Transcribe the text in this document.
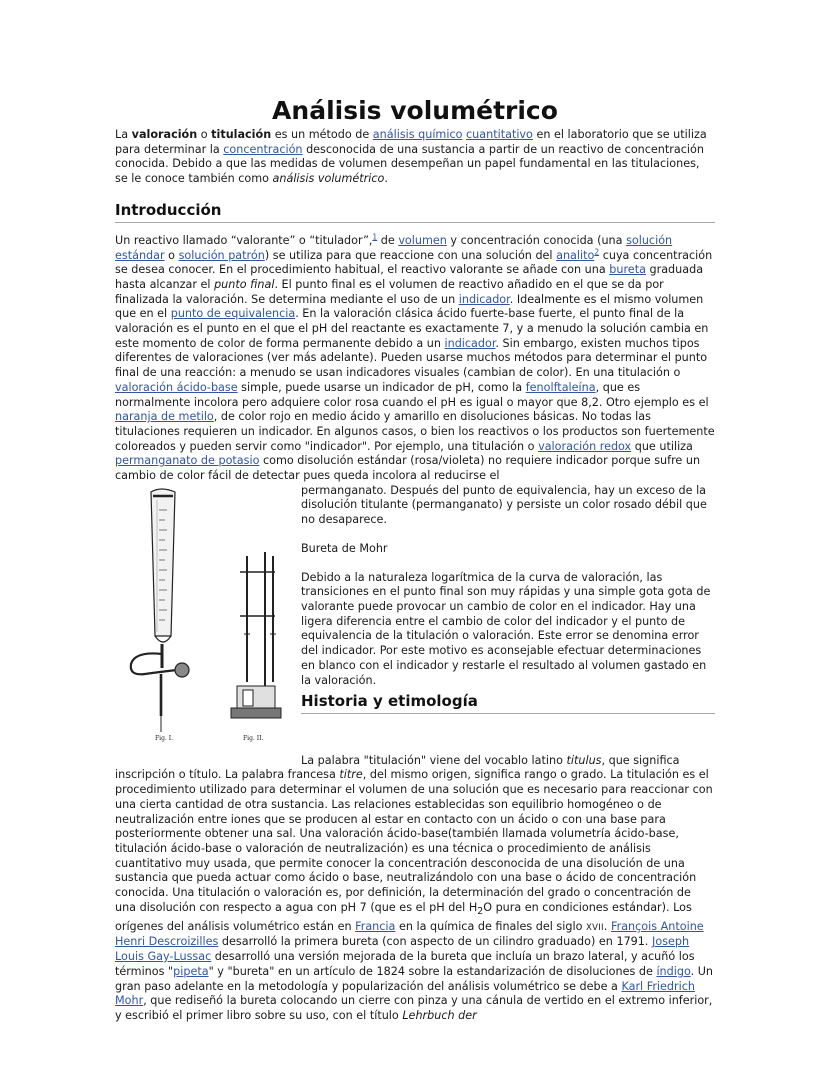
Análisis volumétrico

La valoración o titulación es un método de análisis químico cuantitativo en el laboratorio que se utiliza para determinar la concentración desconocida de una sustancia a partir de un reactivo de concentración conocida. Debido a que las medidas de volumen desempeñan un papel fundamental en las titulaciones, se le conoce también como análisis volumétrico.

Introducción

Un reactivo llamado “valorante” o “titulador”,$^1$ de volumen y concentración conocida (una solución estándar o solución patrón) se utiliza para que reaccione con una solución del analito$^2$ cuya concentración se desea conocer. En el procedimiento habitual, el reactivo valorante se añade con una bureta graduada hasta alcanzar el punto final. El punto final es el volumen de reactivo añadido en el que se da por finalizada la valoración. Se determina mediante el uso de un indicador. Idealmente es el mismo volumen que en el punto de equivalencia. En la valoración clásica ácido fuerte-base fuerte, el punto final de la valoración es el punto en el que el pH del reactante es exactamente 7, y a menudo la solución cambia en este momento de color de forma permanente debido a un indicador. Sin embargo, existen muchos tipos diferentes de valoraciones (ver más adelante). Pueden usarse muchos métodos para determinar el punto final de una reacción: a menudo se usan indicadores visuales (cambian de color). En una titulación o valoración ácido-base simple, puede usarse un indicador de pH, como la fenolftaleína, que es normalmente incolora pero adquiere color rosa cuando el pH es igual o mayor que 8,2. Otro ejemplo es el naranja de metilo, de color rojo en medio ácido y amarillo en disoluciones básicas. No todas las titulaciones requieren un indicador. En algunos casos, o bien los reactivos o los productos son fuertemente coloreados y pueden servir como "indicador". Por ejemplo, una titulación o valoración redox que utiliza permanganato de potasio como disolución estándar (rosa/violeta) no requiere indicador porque sufre un cambio de color fácil de detectar pues queda incolora al reducirse el

Fig. I.	Fig. II.

permanganato. Después del punto de equivalencia, hay un exceso de la disolución titulante (permanganato) y persiste un color rosado débil que no desaparece.

Bureta de Mohr

Debido a la naturaleza logarítmica de la curva de valoración, las transiciones en el punto final son muy rápidas y una simple gota gota de valorante puede provocar un cambio de color en el indicador. Hay una ligera diferencia entre el cambio de color del indicador y el punto de equivalencia de la titulación o valoración. Este error se denomina error del indicador. Por este motivo es aconsejable efectuar determinaciones en blanco con el indicador y restarle el resultado al volumen gastado en la valoración.

Historia y etimología

La palabra "titulación" viene del vocablo latino titulus, que significa inscripción o título. La palabra francesa titre, del mismo origen, significa rango o grado. La titulación es el procedimiento utilizado para determinar el volumen de una solución que es necesario para reaccionar con una cierta cantidad de otra sustancia. Las relaciones establecidas son equilibrio homogéneo o de neutralización entre iones que se producen al estar en contacto con un ácido o con una base para posteriormente obtener una sal. Una valoración ácido-base(también llamada volumetría ácido-base, titulación ácido-base o valoración de neutralización) es una técnica o procedimiento de análisis cuantitativo muy usada, que permite conocer la concentración desconocida de una disolución de una sustancia que pueda actuar como ácido o base, neutralizándolo con una base o ácido de concentración conocida. Una titulación o valoración es, por definición, la determinación del grado o concentración de una disolución con respecto a agua con pH 7 (que es el pH del $H_2O$ pura en condiciones estándar). Los orígenes del análisis volumétrico están en Francia en la química de finales del siglo XVII. François Antoine Henri Descroizilles desarrolló la primera bureta (con aspecto de un cilindro graduado) en 1791. Joseph Louis Gay-Lussac desarrolló una versión mejorada de la bureta que incluía un brazo lateral, y acuñó los términos "pipeta" y "bureta" en un artículo de 1824 sobre la estandarización de disoluciones de índigo. Un gran paso adelante en la metodología y popularización del análisis volumétrico se debe a Karl Friedrich Mohr, que rediseñó la bureta colocando un cierre con pinza y una cánula de vertido en el extremo inferior, y escribió el primer libro sobre su uso, con el título Lehrbuch der
